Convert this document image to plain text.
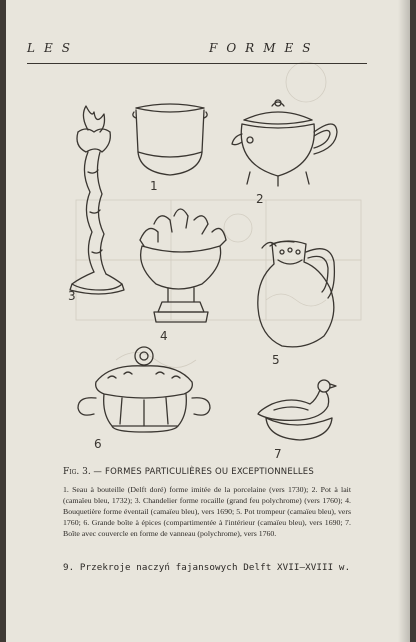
LES	FORMES
1
2
3
4
5
6
7
Fig. 3. — FORMES PARTICULIÈRES OU EXCEPTIONNELLES
1. Seau à bouteille (Delft doré) forme imitée de la porcelaine (vers 1730); 2. Pot à lait (camaïeu bleu, 1732); 3. Chandelier forme rocaille (grand feu polychrome) (vers 1760); 4. Bouquetière forme éventail (camaïeu bleu), vers 1690; 5. Pot trompeur (camaïeu bleu), vers 1760; 6. Grande boîte à épices (compartimentée à l'intérieur (camaïeu bleu), vers 1690; 7. Boîte avec couvercle en forme de vanneau (polychrome), vers 1760.
9. Przekroje naczyń fajansowych Delft XVII–XVIII w.
